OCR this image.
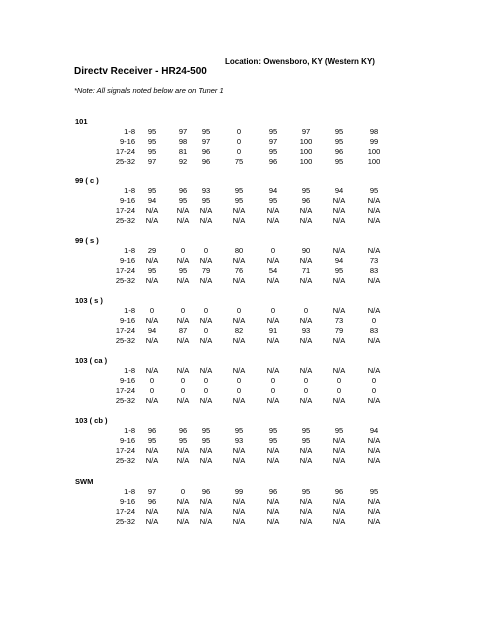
Directv Receiver - HR24-500
Location: Owensboro, KY (Western KY)
*Note: All signals noted below are on Tuner 1
101
1-8	95	97	95	0	95	97	95	98
9-16	95	98	97	0	97	100	95	99
17-24	95	81	96	0	95	100	96	100
25-32	97	92	96	75	96	100	95	100
99 ( c )
1-8	95	96	93	95	94	95	94	95
9-16	94	95	95	95	95	96	N/A	N/A
17-24	N/A	N/A	N/A	N/A	N/A	N/A	N/A	N/A
25-32	N/A	N/A	N/A	N/A	N/A	N/A	N/A	N/A
99 ( s )
1-8	29	0	0	80	0	90	N/A	N/A
9-16	N/A	N/A	N/A	N/A	N/A	N/A	94	73
17-24	95	95	79	76	54	71	95	83
25-32	N/A	N/A	N/A	N/A	N/A	N/A	N/A	N/A
103 ( s )
1-8	0	0	0	0	0	0	N/A	N/A
9-16	N/A	N/A	N/A	N/A	N/A	N/A	73	0
17-24	94	87	0	82	91	93	79	83
25-32	N/A	N/A	N/A	N/A	N/A	N/A	N/A	N/A
103 ( ca )
1-8	N/A	N/A	N/A	N/A	N/A	N/A	N/A	N/A
9-16	0	0	0	0	0	0	0	0
17-24	0	0	0	0	0	0	0	0
25-32	N/A	N/A	N/A	N/A	N/A	N/A	N/A	N/A
103 ( cb )
1-8	96	96	95	95	95	95	95	94
9-16	95	95	95	93	95	95	N/A	N/A
17-24	N/A	N/A	N/A	N/A	N/A	N/A	N/A	N/A
25-32	N/A	N/A	N/A	N/A	N/A	N/A	N/A	N/A
SWM
1-8	97	0	96	99	96	95	96	95
9-16	96	N/A	N/A	N/A	N/A	N/A	N/A	N/A
17-24	N/A	N/A	N/A	N/A	N/A	N/A	N/A	N/A
25-32	N/A	N/A	N/A	N/A	N/A	N/A	N/A	N/A
